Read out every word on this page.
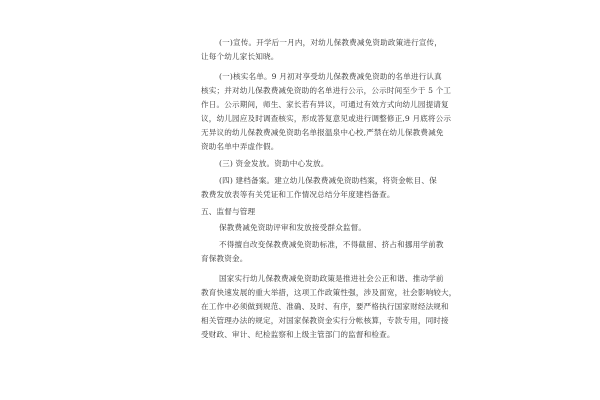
(一)宣传。开学后一月内，对幼儿保教费减免资助政策进行宣传，
让每个幼儿家长知晓。
(一)核实名单。9 月初对享受幼儿保教费减免资助的名单进行认真
核实；并对幼儿保教费减免资助的名单进行公示，公示时间至少于 5 个工
作日。公示期间，师生、家长若有异议，可通过有效方式向幼儿园提请复
议，幼儿园应及时调查核实，形成答复意见或进行调整修正,9 月底将公示
无异议的幼儿保教费减免资助名单报温泉中心校,严禁在幼儿保教费减免
资助名单中弄虚作假。
(三) 资金发放。资助中心发放。
(四) 建档备案。建立幼儿保教费减免资助档案，将资金帐目、保
教费发放表等有关凭证和工作情况总结分年度建档备查。
五、监督与管理
保教费减免资助评审和发放接受群众监督。
不得擅自改变保教费减免资助标准，不得截留、挤占和挪用学前教
育保教资金。
国家实行幼儿保教费减免资助政策是推进社会公正和谐、推动学前
教育快速发展的重大举措，这项工作政策性强，涉及面宽，社会影响较大，
在工作中必须做到规范、准确、及时、有序，要严格执行国家财经法规和
相关管理办法的规定，对国家保教资金实行分帐核算，专款专用，同时接
受财政、审计、纪检监察和上级主管部门的监督和检查。
